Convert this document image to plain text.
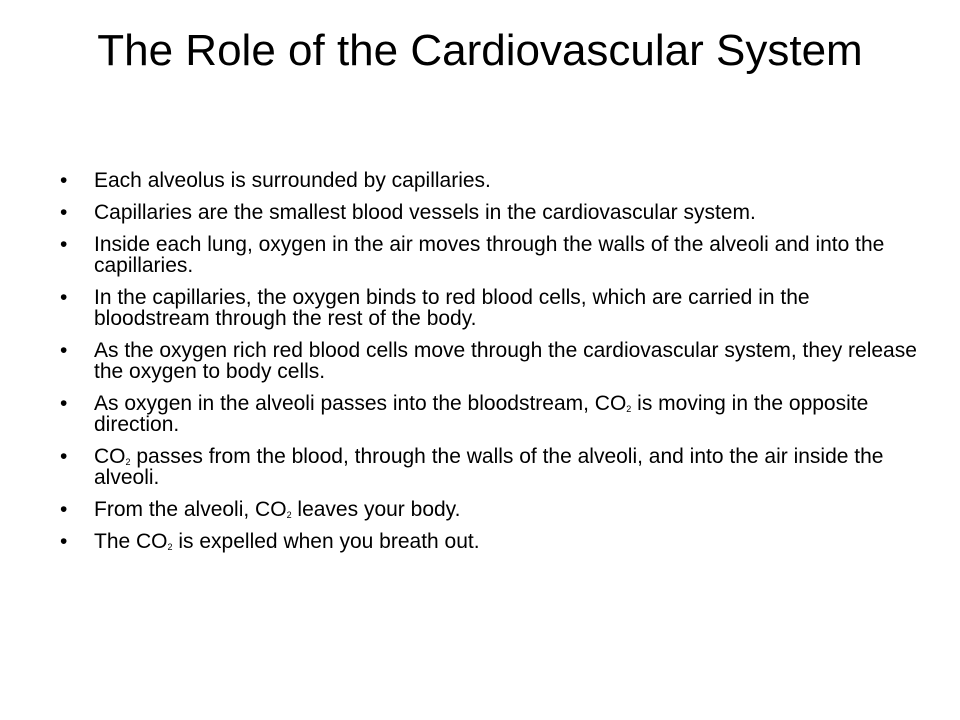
The Role of the Cardiovascular System
•	Each alveolus is surrounded by capillaries.
•	Capillaries are the smallest blood vessels in the cardiovascular system.
•	Inside each lung, oxygen in the air moves through the walls of the alveoli and into the capillaries.
•	In the capillaries, the oxygen binds to red blood cells, which are carried in the bloodstream through the rest of the body.
•	As the oxygen rich red blood cells move through the cardiovascular system, they release the oxygen to body cells.
•	As oxygen in the alveoli passes into the bloodstream, $CO_2$ is moving in the opposite direction.
•	$CO_2$ passes from the blood, through the walls of the alveoli, and into the air inside the alveoli.
•	From the alveoli, $CO_2$ leaves your body.
•	The $CO_2$ is expelled when you breath out.
